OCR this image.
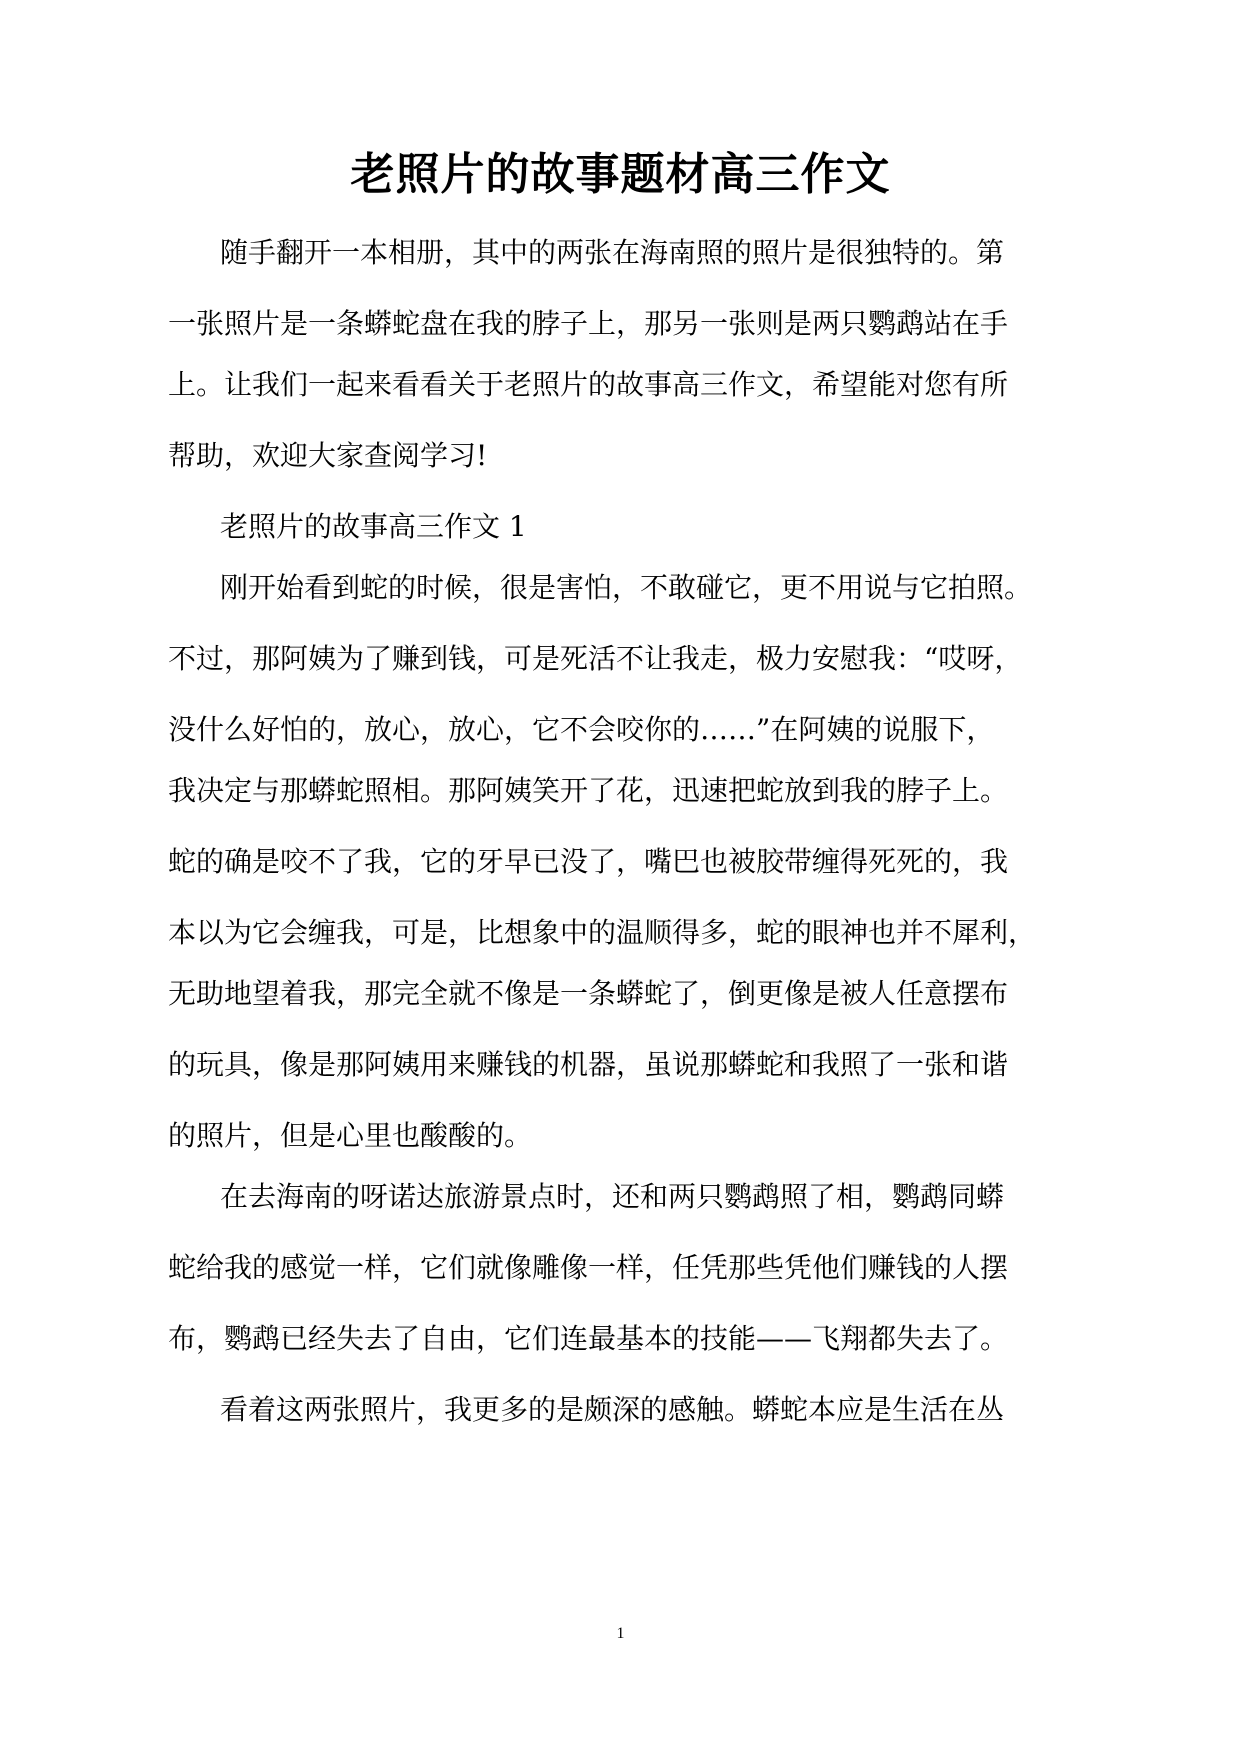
老照片的故事题材高三作文

随手翻开一本相册，其中的两张在海南照的照片是很独特的。第

一张照片是一条蟒蛇盘在我的脖子上，那另一张则是两只鹦鹉站在手

上。让我们一起来看看关于老照片的故事高三作文，希望能对您有所

帮助，欢迎大家查阅学习!

老照片的故事高三作文 1

刚开始看到蛇的时候，很是害怕，不敢碰它，更不用说与它拍照。

不过，那阿姨为了赚到钱，可是死活不让我走，极力安慰我：“哎呀，

没什么好怕的，放心，放心，它不会咬你的……”在阿姨的说服下，

我决定与那蟒蛇照相。那阿姨笑开了花，迅速把蛇放到我的脖子上。

蛇的确是咬不了我，它的牙早已没了，嘴巴也被胶带缠得死死的，我

本以为它会缠我，可是，比想象中的温顺得多，蛇的眼神也并不犀利，

无助地望着我，那完全就不像是一条蟒蛇了，倒更像是被人任意摆布

的玩具，像是那阿姨用来赚钱的机器，虽说那蟒蛇和我照了一张和谐

的照片，但是心里也酸酸的。

在去海南的呀诺达旅游景点时，还和两只鹦鹉照了相，鹦鹉同蟒

蛇给我的感觉一样，它们就像雕像一样，任凭那些凭他们赚钱的人摆

布，鹦鹉已经失去了自由，它们连最基本的技能——飞翔都失去了。

看着这两张照片，我更多的是颇深的感触。蟒蛇本应是生活在丛

1
